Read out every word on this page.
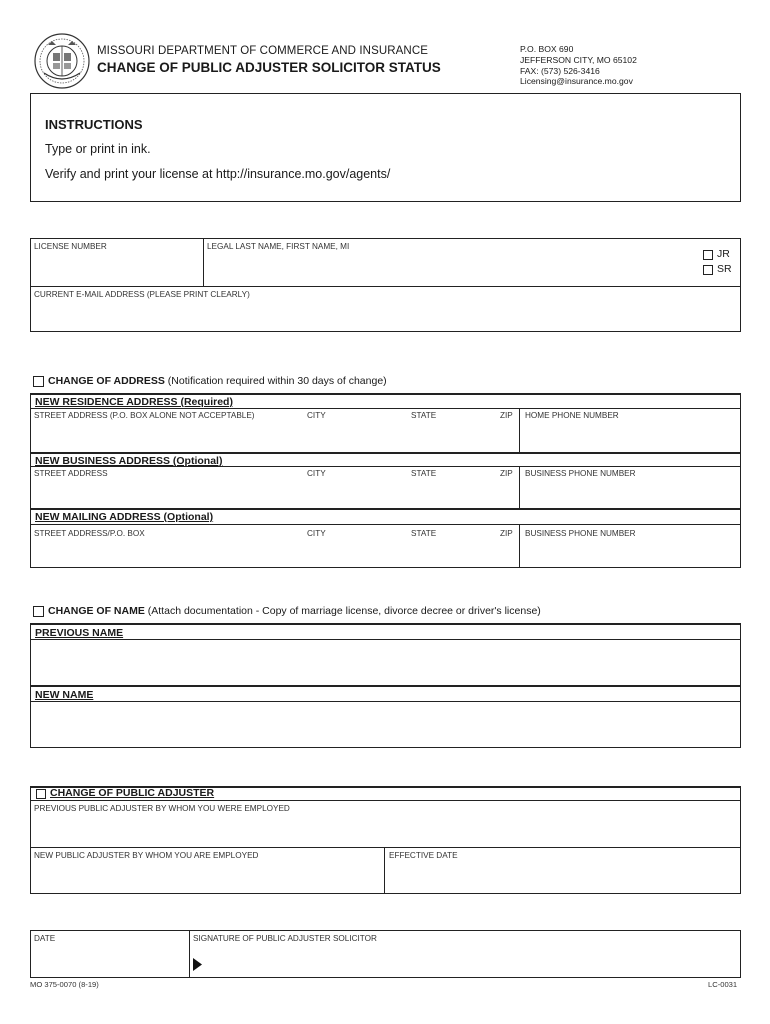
MISSOURI DEPARTMENT OF COMMERCE AND INSURANCE
CHANGE OF PUBLIC ADJUSTER SOLICITOR STATUS
P.O. BOX 690
JEFFERSON CITY, MO 65102
FAX: (573) 526-3416
Licensing@insurance.mo.gov
INSTRUCTIONS
Type or print in ink.
Verify and print your license at http://insurance.mo.gov/agents/
LICENSE NUMBER	LEGAL LAST NAME, FIRST NAME, MI
JR
SR
CURRENT E-MAIL ADDRESS (PLEASE PRINT CLEARLY)
CHANGE OF ADDRESS (Notification required within 30 days of change)
NEW RESIDENCE ADDRESS (Required)
STREET ADDRESS (P.O. BOX ALONE NOT ACCEPTABLE)	CITY	STATE	ZIP HOME PHONE NUMBER
NEW BUSINESS ADDRESS (Optional)
STREET ADDRESS	CITY	STATE	ZIP BUSINESS PHONE NUMBER
NEW MAILING ADDRESS (Optional)
STREET ADDRESS/P.O. BOX	CITY	STATE	ZIP BUSINESS PHONE NUMBER
CHANGE OF NAME (Attach documentation - Copy of marriage license, divorce decree or driver's license)
PREVIOUS NAME
NEW NAME
CHANGE OF PUBLIC ADJUSTER
PREVIOUS PUBLIC ADJUSTER BY WHOM YOU WERE EMPLOYED
NEW PUBLIC ADJUSTER BY WHOM YOU ARE EMPLOYED	EFFECTIVE DATE
DATE	SIGNATURE OF PUBLIC ADJUSTER SOLICITOR
MO 375-0070 (8-19)	LC-0031
